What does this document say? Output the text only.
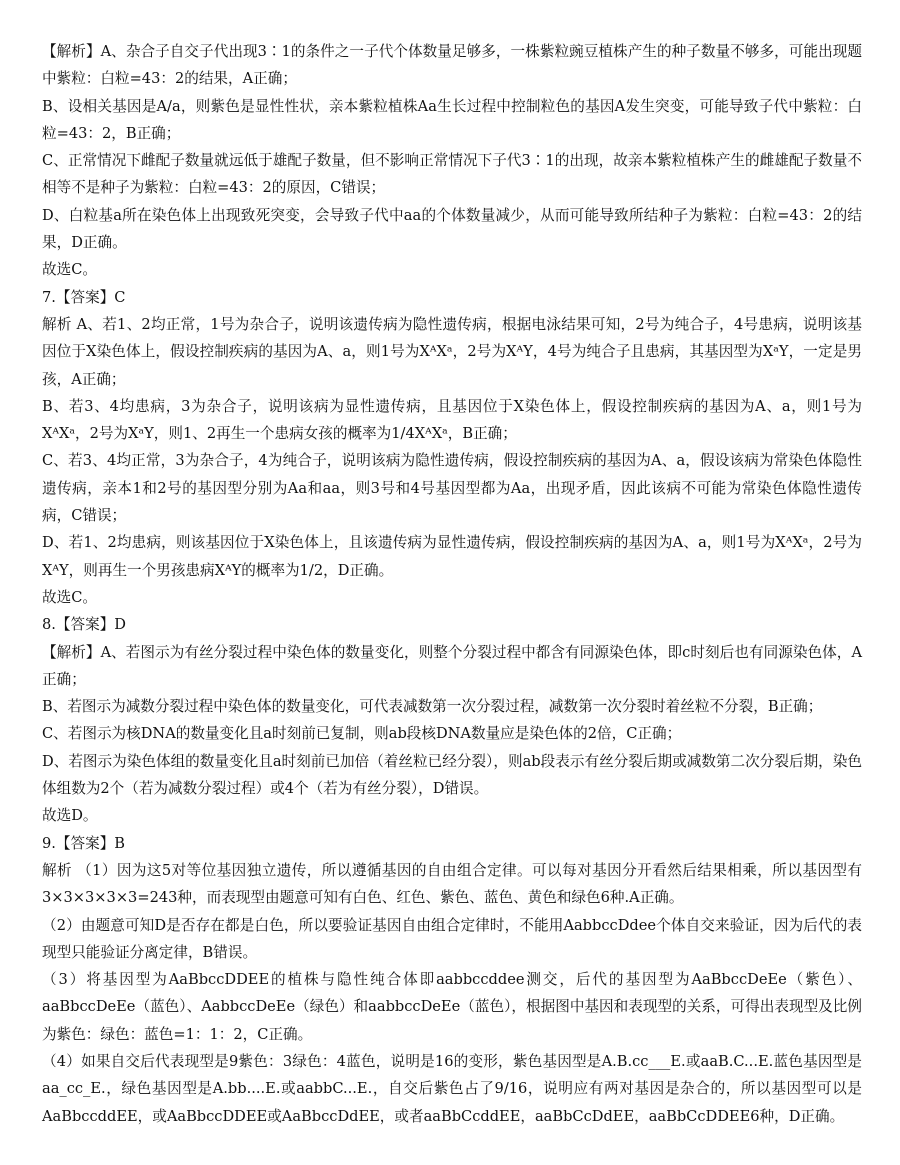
【解析】A、杂合子自交子代出现3∶1的条件之一子代个体数量足够多，一株紫粒豌豆植株产生的种子数量不够多，可能出现题中紫粒：白粒=43：2的结果，A正确；

B、设相关基因是A/a，则紫色是显性性状，亲本紫粒植株Aa生长过程中控制粒色的基因A发生突变，可能导致子代中紫粒：白粒=43：2，B正确；

C、正常情况下雌配子数量就远低于雄配子数量，但不影响正常情况下子代3∶1的出现，故亲本紫粒植株产生的雌雄配子数量不相等不是种子为紫粒：白粒=43：2的原因，C错误；

D、白粒基a所在染色体上出现致死突变，会导致子代中aa的个体数量减少，从而可能导致所结种子为紫粒：白粒=43：2的结果，D正确。

故选C。

7.【答案】C

解析 A、若1、2均正常，1号为杂合子，说明该遗传病为隐性遗传病，根据电泳结果可知，2号为纯合子，4号患病，说明该基因位于X染色体上，假设控制疾病的基因为A、a，则1号为XᴬXᵃ，2号为XᴬY，4号为纯合子且患病，其基因型为XᵃY，一定是男孩，A正确；

B、若3、4均患病，3为杂合子，说明该病为显性遗传病，且基因位于X染色体上，假设控制疾病的基因为A、a，则1号为XᴬXᵃ，2号为XᵃY，则1、2再生一个患病女孩的概率为1/4XᴬXᵃ，B正确；

C、若3、4均正常，3为杂合子，4为纯合子，说明该病为隐性遗传病，假设控制疾病的基因为A、a，假设该病为常染色体隐性遗传病，亲本1和2号的基因型分别为Aa和aa，则3号和4号基因型都为Aa，出现矛盾，因此该病不可能为常染色体隐性遗传病，C错误；

D、若1、2均患病，则该基因位于X染色体上，且该遗传病为显性遗传病，假设控制疾病的基因为A、a，则1号为XᴬXᵃ，2号为XᴬY，则再生一个男孩患病XᴬY的概率为1/2，D正确。

故选C。

8.【答案】D

【解析】A、若图示为有丝分裂过程中染色体的数量变化，则整个分裂过程中都含有同源染色体，即c时刻后也有同源染色体，A正确；

B、若图示为减数分裂过程中染色体的数量变化，可代表减数第一次分裂过程，减数第一次分裂时着丝粒不分裂，B正确；

C、若图示为核DNA的数量变化且a时刻前已复制，则ab段核DNA数量应是染色体的2倍，C正确；

D、若图示为染色体组的数量变化且a时刻前已加倍（着丝粒已经分裂），则ab段表示有丝分裂后期或减数第二次分裂后期，染色体组数为2个（若为减数分裂过程）或4个（若为有丝分裂），D错误。

故选D。

9.【答案】B

解析 （1）因为这5对等位基因独立遗传，所以遵循基因的自由组合定律。可以每对基因分开看然后结果相乘，所以基因型有3×3×3×3×3=243种，而表现型由题意可知有白色、红色、紫色、蓝色、黄色和绿色6种.A正确。

（2）由题意可知D是否存在都是白色，所以要验证基因自由组合定律时，不能用AabbccDdee个体自交来验证，因为后代的表现型只能验证分离定律，B错误。

（3）将基因型为AaBbccDDEE的植株与隐性纯合体即aabbccddee测交，后代的基因型为AaBbccDeEe（紫色）、aaBbccDeEe（蓝色）、AabbccDeEe（绿色）和aabbccDeEe（蓝色），根据图中基因和表现型的关系，可得出表现型及比例为紫色：绿色：蓝色=1：1：2，C正确。

（4）如果自交后代表现型是9紫色：3绿色：4蓝色，说明是16的变形，紫色基因型是A.B.cc___E.或aaB.C...E.蓝色基因型是aa_cc_E.，绿色基因型是A.bb....E.或aabbC...E.，自交后紫色占了9/16，说明应有两对基因是杂合的，所以基因型可以是AaBbccddEE，或AaBbccDDEE或AaBbccDdEE，或者aaBbCcddEE，aaBbCcDdEE，aaBbCcDDEE6种，D正确。
